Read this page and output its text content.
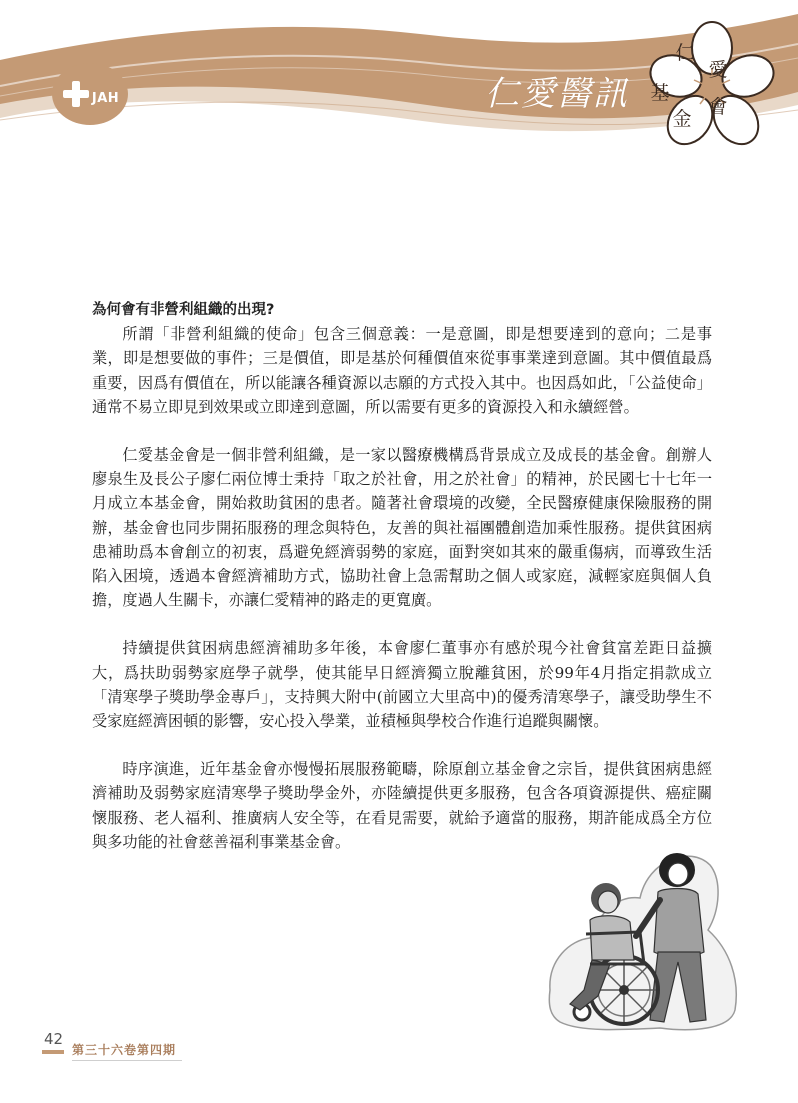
JAH	仁愛醫訊
仁
愛
基
金
會
為何會有非營利組織的出現?

所謂「非營利組織的使命」包含三個意義：一是意圖，即是想要達到的意向；二是事業，即是想要做的事件；三是價值，即是基於何種價值來從事事業達到意圖。其中價值最爲重要，因爲有價值在，所以能讓各種資源以志願的方式投入其中。也因爲如此，「公益使命」通常不易立即見到效果或立即達到意圖，所以需要有更多的資源投入和永續經營。

仁愛基金會是一個非營利組織，是一家以醫療機構爲背景成立及成長的基金會。創辦人廖泉生及長公子廖仁兩位博士秉持「取之於社會，用之於社會」的精神，於民國七十七年一月成立本基金會，開始救助貧困的患者。隨著社會環境的改變，全民醫療健康保險服務的開辦，基金會也同步開拓服務的理念與特色，友善的與社福團體創造加乘性服務。提供貧困病患補助爲本會創立的初衷，爲避免經濟弱勢的家庭，面對突如其來的嚴重傷病，而導致生活陷入困境，透過本會經濟補助方式，協助社會上急需幫助之個人或家庭，減輕家庭與個人負擔，度過人生關卡，亦讓仁愛精神的路走的更寬廣。

持續提供貧困病患經濟補助多年後，本會廖仁董事亦有感於現今社會貧富差距日益擴大，爲扶助弱勢家庭學子就學，使其能早日經濟獨立脫離貧困，於99年4月指定捐款成立「清寒學子獎助學金專戶」，支持興大附中(前國立大里高中)的優秀清寒學子，讓受助學生不受家庭經濟困頓的影響，安心投入學業，並積極與學校合作進行追蹤與關懷。

時序演進，近年基金會亦慢慢拓展服務範疇，除原創立基金會之宗旨，提供貧困病患經濟補助及弱勢家庭清寒學子獎助學金外，亦陸續提供更多服務，包含各項資源提供、癌症關懷服務、老人福利、推廣病人安全等，在看見需要，就給予適當的服務，期許能成爲全方位與多功能的社會慈善福利事業基金會。

42
第三十六卷第四期
